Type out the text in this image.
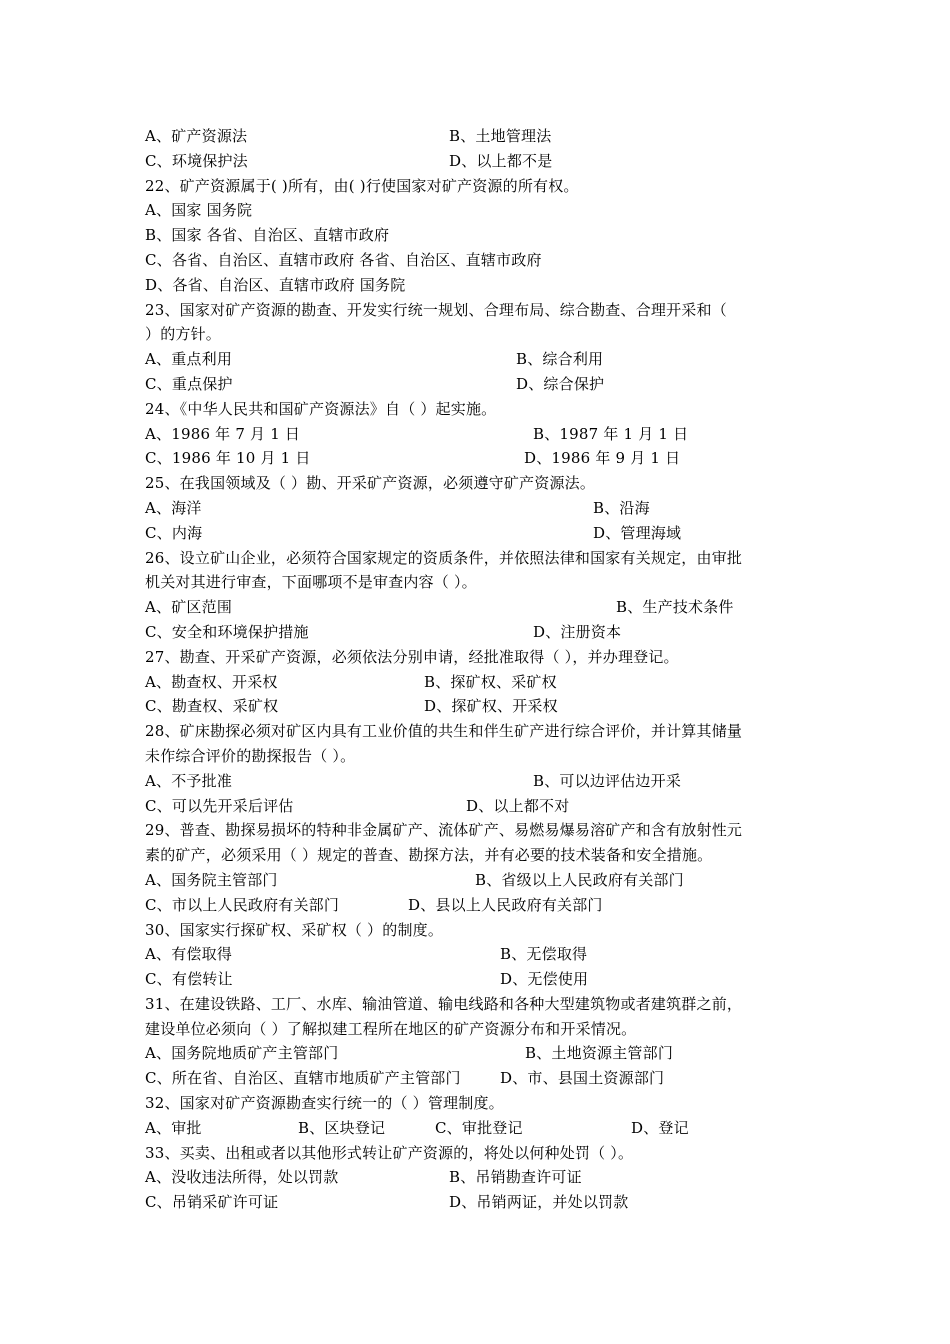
A、矿产资源法	B、土地管理法
C、环境保护法	D、以上都不是
22、矿产资源属于( )所有，由( )行使国家对矿产资源的所有权。
A、国家 国务院
B、国家 各省、自治区、直辖市政府
C、各省、自治区、直辖市政府 各省、自治区、直辖市政府
D、各省、自治区、直辖市政府 国务院
23、国家对矿产资源的勘查、开发实行统一规划、合理布局、综合勘查、合理开采和（
）的方针。
A、重点利用	B、综合利用
C、重点保护	D、综合保护
24、《中华人民共和国矿产资源法》自（ ）起实施。
A、1986 年 7 月 1 日	B、1987 年 1 月 1 日
C、1986 年 10 月 1 日	D、1986 年 9 月 1 日
25、在我国领域及（ ）勘、开采矿产资源，必须遵守矿产资源法。
A、海洋	B、沿海
C、内海	D、管理海域
26、设立矿山企业，必须符合国家规定的资质条件，并依照法律和国家有关规定，由审批
机关对其进行审查，下面哪项不是审查内容（ ）。
A、矿区范围	B、生产技术条件
C、安全和环境保护措施	D、注册资本
27、勘查、开采矿产资源，必须依法分别申请，经批准取得（ ），并办理登记。
A、勘查权、开采权	B、探矿权、采矿权
C、勘查权、采矿权	D、探矿权、开采权
28、矿床勘探必须对矿区内具有工业价值的共生和伴生矿产进行综合评价，并计算其储量
未作综合评价的勘探报告（ ）。
A、不予批准	B、可以边评估边开采
C、可以先开采后评估	D、以上都不对
29、普查、勘探易损坏的特种非金属矿产、流体矿产、易燃易爆易溶矿产和含有放射性元
素的矿产，必须采用（ ）规定的普查、勘探方法，并有必要的技术装备和安全措施。
A、国务院主管部门	B、省级以上人民政府有关部门
C、市以上人民政府有关部门	D、县以上人民政府有关部门
30、国家实行探矿权、采矿权（ ）的制度。
A、有偿取得	B、无偿取得
C、有偿转让	D、无偿使用
31、在建设铁路、工厂、水库、输油管道、输电线路和各种大型建筑物或者建筑群之前，
建设单位必须向（ ）了解拟建工程所在地区的矿产资源分布和开采情况。
A、国务院地质矿产主管部门	B、土地资源主管部门
C、所在省、自治区、直辖市地质矿产主管部门	D、市、县国土资源部门
32、国家对矿产资源勘查实行统一的（ ）管理制度。
A、审批	B、区块登记	C、审批登记	D、登记
33、买卖、出租或者以其他形式转让矿产资源的，将处以何种处罚（ ）。
A、没收违法所得，处以罚款	B、吊销勘查许可证
C、吊销采矿许可证	D、吊销两证，并处以罚款
